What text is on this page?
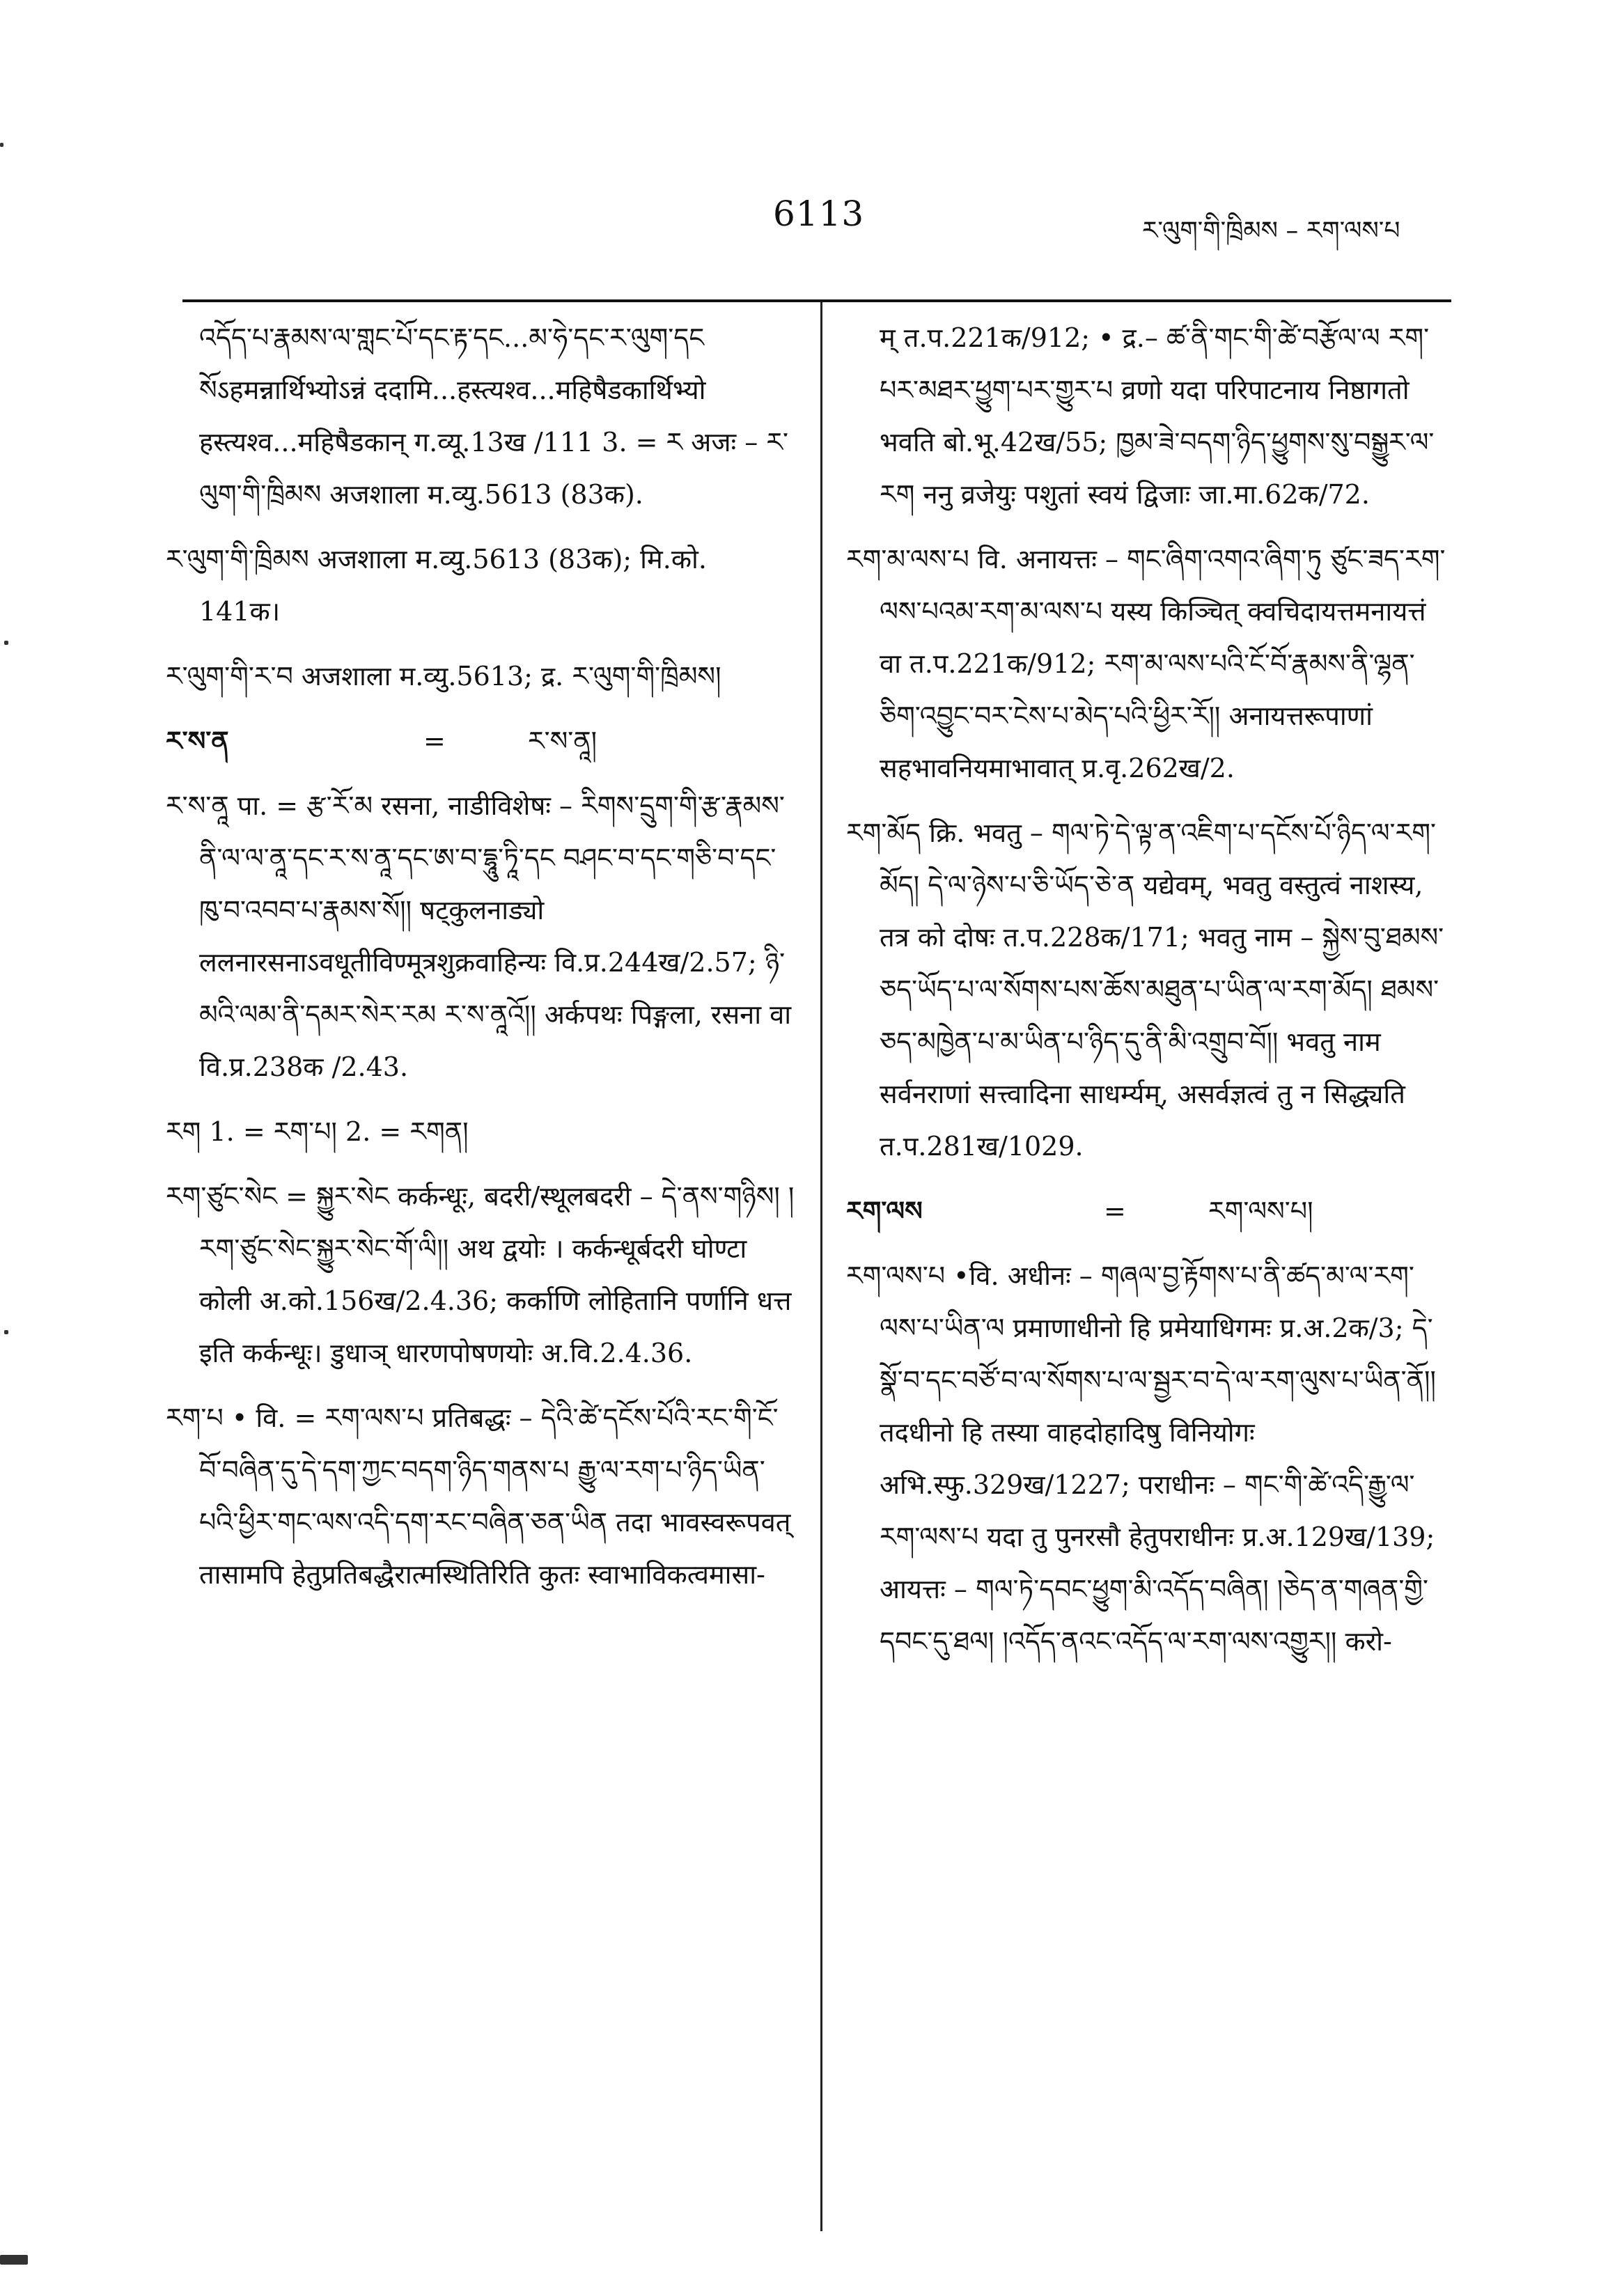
6113	ར་ལུག་གི་ཁྲིམས – རག་ལས་པ
འདོད་པ་རྣམས་ལ་གླང་པོ་དང་རྟ་དང...མ་ཧེ་དང་ར་ལུག་དང སོऽहमन्नार्थिभ्योऽन्नं ददामि...हस्त्यश्व...महिषैडकार्थिभ्यो हस्त्यश्व...महिषैडकान् ग.व्यू.13ख /111 3. = ར अजः – ར་ལུག་གི་ཁྲིམས अजशाला म.व्यु.5613 (83क).
ར་ལུག་གི་ཁྲིམས अजशाला म.व्यु.5613 (83क); मि.को. 141क।
ར་ལུག་གི་ར་བ अजशाला म.व्यु.5613; द्र. ར་ལུག་གི་ཁྲིམས།
ར་ས་ན	=	ར་ས་ནཱ།
ར་ས་ནཱ पा. = རྩ་རོ་མ रसना, नाडीविशेषः – རིགས་དྲུག་གི་རྩ་རྣམས་ནི་ལ་ལ་ནཱ་དང་ར་ས་ནཱ་དང་ཨ་བ་དྷཱུ་ཏཱི་དང བཤང་བ་དང་གཅི་བ་དང་ཁུ་བ་འབབ་པ་རྣམས་སོ།། षट्कुलनाड्यो ललनारसनाऽवधूतीविण्मूत्रशुक्रवाहिन्यः वि.प्र.244ख/2.57; ཉི་མའི་ལམ་ནི་དམར་སེར་རམ ར་ས་ནཱའོ།། अर्कपथः पिङ्गला, रसना वा वि.प्र.238क /2.43.
རག 1. = རག་པ། 2. = རགན།
རག་ཙུང་སེང = སྐྱུར་སེང कर्कन्धूः, बदरी/स्थूलबदरी – དེ་ནས་གཉིས། །རག་ཙུང་སེང་སྐྱུར་སེང་གོ་ལི།། अथ द्वयोः । कर्कन्धूर्बदरी घोण्टा कोली अ.को.156ख/2.4.36; कर्काणि लोहितानि पर्णानि धत्त इति कर्कन्धूः। डुधाञ् धारणपोषणयोः अ.वि.2.4.36.
རག་པ • वि. = རག་ལས་པ प्रतिबद्धः – དེའི་ཚེ་དངོས་པོའི་རང་གི་ངོ་བོ་བཞིན་དུ་དེ་དག་ཀྱང་བདག་ཉིད་གནས་པ རྒྱུ་ལ་རག་པ་ཉིད་ཡིན་པའི་ཕྱིར་གང་ལས་འདི་དག་རང་བཞིན་ཅན་ཡིན तदा भावस्वरूपवत् तासामपि हेतुप्रतिबद्धैरात्मस्थितिरिति कुतः स्वाभाविकत्वमासा-
म् त.प.221क/912; • द्र.– ཚ་ནི་གང་གི་ཚེ་བརྩོལ་ལ རག་པར་མཐར་ཕྱུག་པར་གྱུར་པ व्रणो यदा परिपाटनाय निष्ठागतो भवति बो.भू.42ख/55; ཁྱམ་ཟེ་བདག་ཉིད་ཕྱུགས་སུ་བསྒྱུར་ལ་རག ननु व्रजेयुः पशुतां स्वयं द्विजाः जा.मा.62क/72.
རག་མ་ལས་པ वि. अनायत्तः – གང་ཞིག་འགའ་ཞིག་ཏུ ཙུང་ཟད་རག་ལས་པའམ་རག་མ་ལས་པ यस्य किञ्चित् क्वचिदायत्तमनायत्तं वा त.प.221क/912; རག་མ་ལས་པའི་ངོ་བོ་རྣམས་ནི་ལྷན་ཅིག་འབྱུང་བར་ངེས་པ་མེད་པའི་ཕྱིར་རོ།། अनायत्तरूपाणां सहभावनियमाभावात् प्र.वृ.262ख/2.
རག་མོད क्रि. भवतु – གལ་ཏེ་དེ་ལྟ་ན་འཇིག་པ་དངོས་པོ་ཉིད་ལ་རག་མོད། དེ་ལ་ཉེས་པ་ཅི་ཡོད་ཅེ་ན यद्येवम्, भवतु वस्तुत्वं नाशस्य, तत्र को दोषः त.प.228क/171; भवतु नाम – སྐྱེས་བུ་ཐམས་ཅད་ཡོད་པ་ལ་སོགས་པས་ཆོས་མཐུན་པ་ཡིན་ལ་རག་མོད། ཐམས་ཅད་མཁྱེན་པ་མ་ཡིན་པ་ཉིད་དུ་ནི་མི་འགྲུབ་བོ།། भवतु नाम सर्वनराणां सत्त्वादिना साधर्म्यम्, असर्वज्ञत्वं तु न सिद्ध्यति त.प.281ख/1029.
རག་ལས	=	རག་ལས་པ།
རག་ལས་པ •वि. अधीनः – གཞལ་བྱ་རྟོགས་པ་ནི་ཚད་མ་ལ་རག་ལས་པ་ཡིན་ལ प्रमाणाधीनो हि प्रमेयाधिगमः प्र.अ.2क/3; དེ་སྣོ་བ་དང་བཙོ་བ་ལ་སོགས་པ་ལ་སྦྱར་བ་དེ་ལ་རག་ལུས་པ་ཡིན་ནོ།། तदधीनो हि तस्या वाहदोहादिषु विनियोगः अभि.स्फु.329ख/1227; पराधीनः – གང་གི་ཚེ་འདི་རྒྱུ་ལ་རག་ལས་པ यदा तु पुनरसौ हेतुपराधीनः प्र.अ.129ख/139; आयत्तः – གལ་ཏེ་དབང་ཕྱུག་མི་འདོད་བཞིན། །ཅེད་ན་གཞན་གྱི་དབང་དུ་ཐལ། །འདོད་ནའང་འདོད་ལ་རག་ལས་འགྱུར།། करो-
